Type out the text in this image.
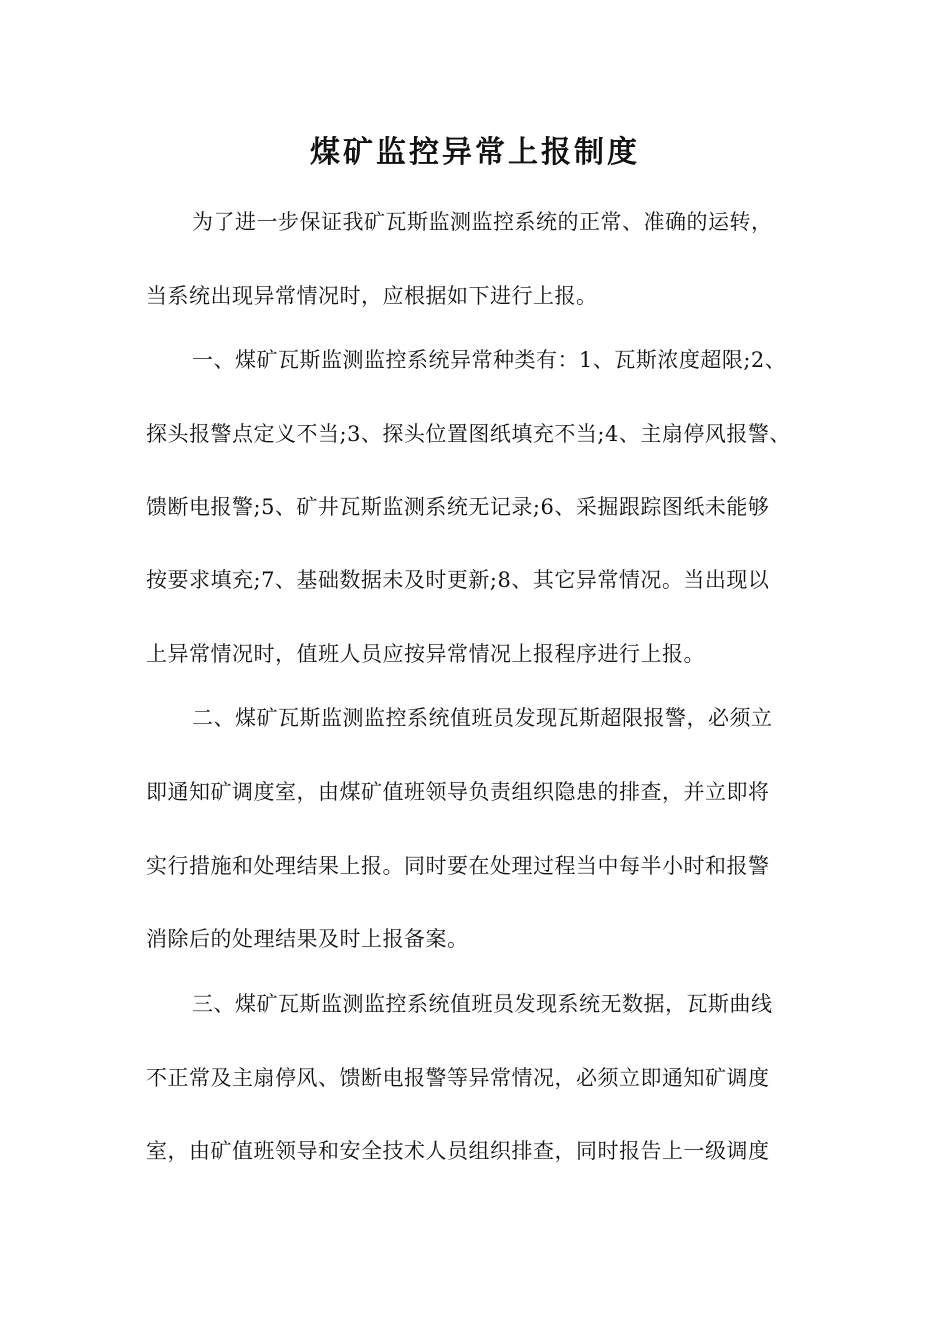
煤矿监控异常上报制度

为了进一步保证我矿瓦斯监测监控系统的正常、准确的运转，

当系统出现异常情况时，应根据如下进行上报。

一、煤矿瓦斯监测监控系统异常种类有：1、瓦斯浓度超限;2、

探头报警点定义不当;3、探头位置图纸填充不当;4、主扇停风报警、

馈断电报警;5、矿井瓦斯监测系统无记录;6、采掘跟踪图纸未能够

按要求填充;7、基础数据未及时更新;8、其它异常情况。当出现以

上异常情况时，值班人员应按异常情况上报程序进行上报。

二、煤矿瓦斯监测监控系统值班员发现瓦斯超限报警，必须立

即通知矿调度室，由煤矿值班领导负责组织隐患的排查，并立即将

实行措施和处理结果上报。同时要在处理过程当中每半小时和报警

消除后的处理结果及时上报备案。

三、煤矿瓦斯监测监控系统值班员发现系统无数据，瓦斯曲线

不正常及主扇停风、馈断电报警等异常情况，必须立即通知矿调度

室，由矿值班领导和安全技术人员组织排查，同时报告上一级调度
